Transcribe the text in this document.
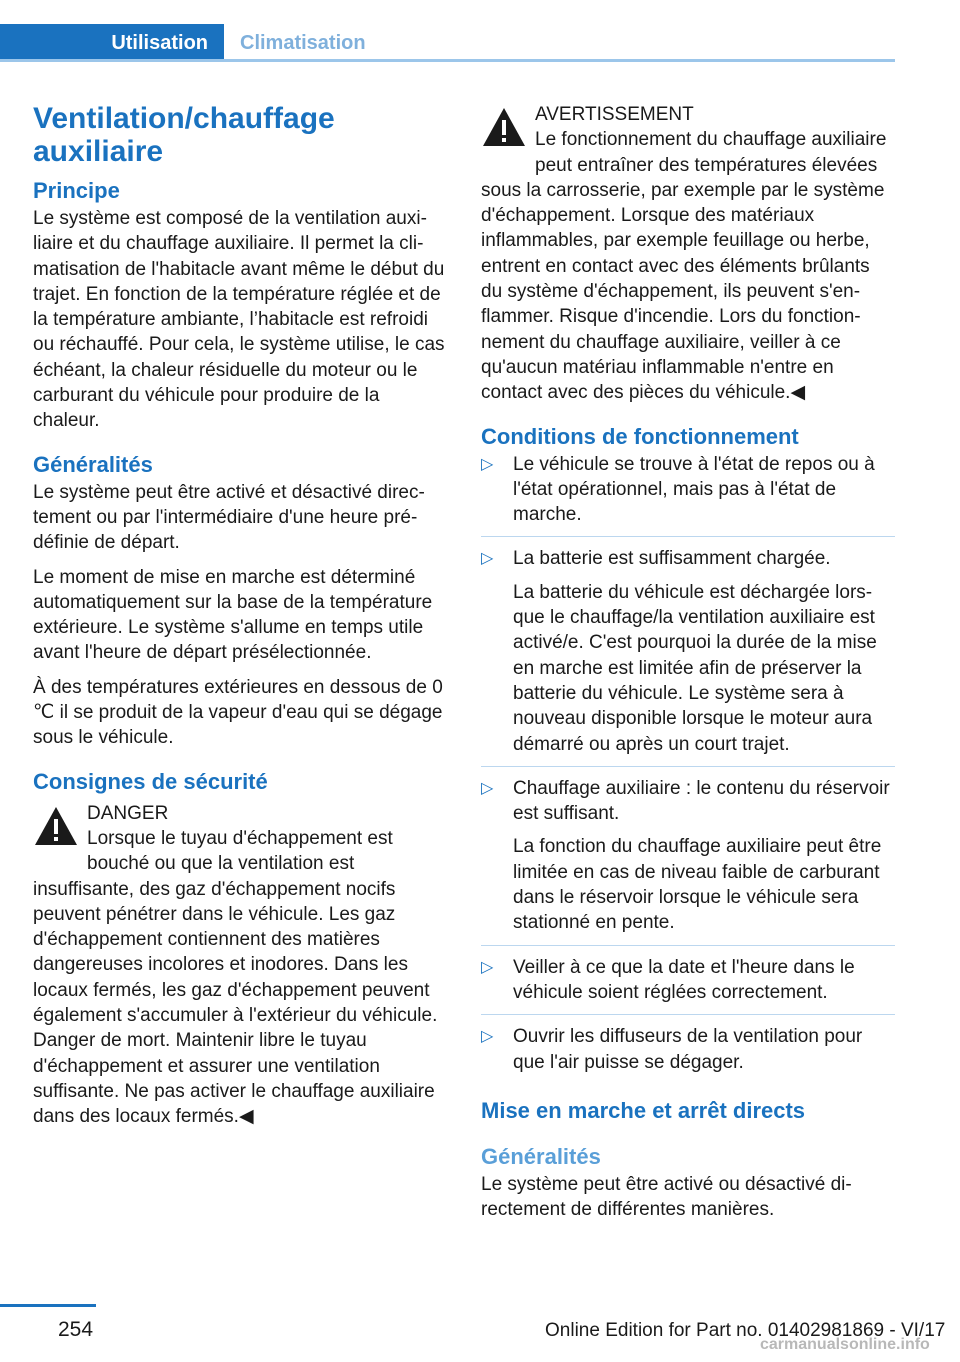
Utilisation	Climatisation
Ventilation/chauffage auxiliaire
Principe

Le système est composé de la ventilation auxiliaire et du chauffage auxiliaire. Il permet la climatisation de l'habitacle avant même le début du trajet. En fonction de la température réglée et de la température ambiante, l’habitacle est refroidi ou réchauffé. Pour cela, le système utilise, le cas échéant, la chaleur résiduelle du moteur ou le carburant du véhicule pour produire de la chaleur.

Généralités

Le système peut être activé et désactivé directement ou par l'intermédiaire d'une heure prédéfinie de départ.

Le moment de mise en marche est déterminé automatiquement sur la base de la température extérieure. Le système s'allume en temps utile avant l'heure de départ présélectionnée.

À des températures extérieures en dessous de 0 ℃ il se produit de la vapeur d'eau qui se dégage sous le véhicule.

Consignes de sécurité
DANGER
Lorsque le tuyau d'échappement est bouché ou que la ventilation est insuffisante, des gaz d'échappement nocifs peuvent pénétrer dans le véhicule. Les gaz d'échappement contiennent des matières dangereuses incolores et inodores. Dans les locaux fermés, les gaz d'échappement peuvent également s'accumuler à l'extérieur du véhicule. Danger de mort. Maintenir libre le tuyau d'échappement et assurer une ventilation suffisante. Ne pas activer le chauffage auxiliaire dans des locaux fermés.◀
AVERTISSEMENT
Le fonctionnement du chauffage auxiliaire peut entraîner des températures élevées sous la carrosserie, par exemple par le système d'échappement. Lorsque des matériaux inflammables, par exemple feuillage ou herbe, entrent en contact avec des éléments brûlants du système d'échappement, ils peuvent s'enflammer. Risque d'incendie. Lors du fonctionnement du chauffage auxiliaire, veiller à ce qu'aucun matériau inflammable n'entre en contact avec des pièces du véhicule.◀
Conditions de fonctionnement
▷ Le véhicule se trouve à l'état de repos ou à l'état opérationnel, mais pas à l'état de marche.
▷ La batterie est suffisamment chargée.

La batterie du véhicule est déchargée lorsque le chauffage/la ventilation auxiliaire est activé/e. C'est pourquoi la durée de la mise en marche est limitée afin de préserver la batterie du véhicule. Le système sera à nouveau disponible lorsque le moteur aura démarré ou après un court trajet.

▷ Chauffage auxiliaire : le contenu du réservoir est suffisant.

La fonction du chauffage auxiliaire peut être limitée en cas de niveau faible de carburant dans le réservoir lorsque le véhicule sera stationné en pente.

▷ Veiller à ce que la date et l'heure dans le véhicule soient réglées correctement.
▷ Ouvrir les diffuseurs de la ventilation pour que l'air puisse se dégager.
Mise en marche et arrêt directs
Généralités

Le système peut être activé ou désactivé directement de différentes manières.

254	Online Edition for Part no. 01402981869 - VI/17
carmanualsonline.info
